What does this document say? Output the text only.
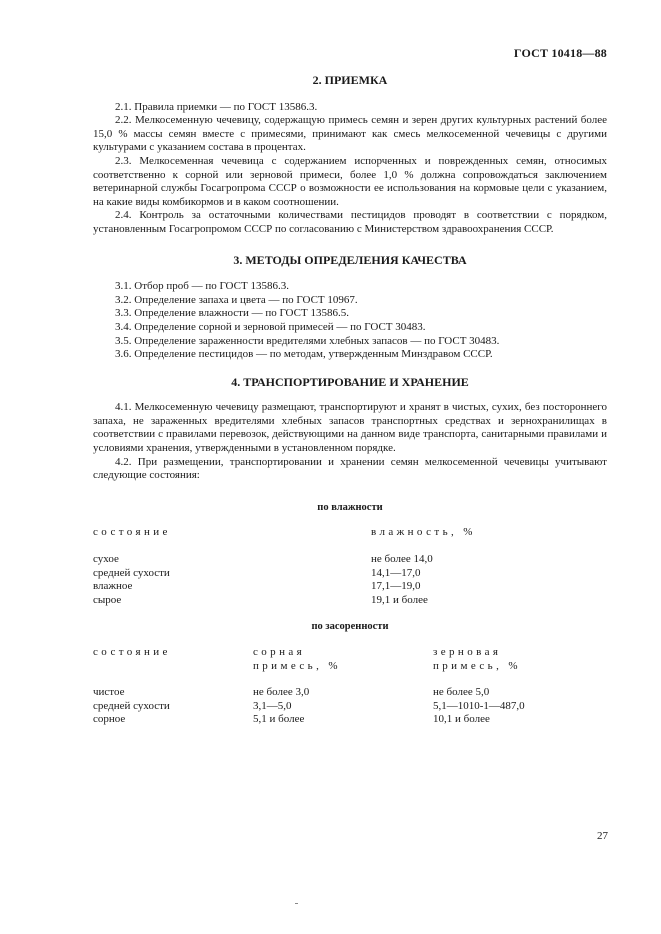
ГОСТ 10418—88
2. ПРИЕМКА

2.1. Правила приемки — по ГОСТ 13586.3.

2.2. Мелкосеменную чечевицу, содержащую примесь семян и зерен других культурных растений более 15,0 % массы семян вместе с примесями, принимают как смесь мелкосеменной чечевицы с другими культурами с указанием состава в процентах.

2.3. Мелкосеменная чечевица с содержанием испорченных и поврежденных семян, относимых соответственно к сорной или зерновой примеси, более 1,0 % должна сопровождаться заключением ветеринарной службы Госагропрома СССР о возможности ее использования на кормовые цели с указанием, на какие виды комбикормов и в каком соотношении.

2.4. Контроль за остаточными количествами пестицидов проводят в соответствии с порядком, установленным Госагропромом СССР по согласованию с Министерством здравоохранения СССР.

3. МЕТОДЫ ОПРЕДЕЛЕНИЯ КАЧЕСТВА
3.1. Отбор проб — по ГОСТ 13586.3.
3.2. Определение запаха и цвета — по ГОСТ 10967.
3.3. Определение влажности — по ГОСТ 13586.5.
3.4. Определение сорной и зерновой примесей — по ГОСТ 30483.
3.5. Определение зараженности вредителями хлебных запасов — по ГОСТ 30483.
3.6. Определение пестицидов — по методам, утвержденным Минздравом СССР.
4. ТРАНСПОРТИРОВАНИЕ И ХРАНЕНИЕ

4.1. Мелкосеменную чечевицу размещают, транспортируют и хранят в чистых, сухих, без постороннего запаха, не зараженных вредителями хлебных запасов транспортных средствах и зернохранилищах в соответствии с правилами перевозок, действующими на данном виде транспорта, санитарными правилами и условиями хранения, утвержденными в установленном порядке.

4.2. При размещении, транспортировании и хранении семян мелкосеменной чечевицы учитывают следующие состояния:

по влажности
состояние	влажность, %

сухое	не более 14,0
средней сухости	14,1—17,0
влажное	17,1—19,0
сырое	19,1 и более
по засоренности
состояние	сорная	зерновая
	примесь, %	примесь, %

чистое	не более 3,0	не более 5,0
средней сухости	3,1—5,0	5,1—1010-1—487,0
сорное	5,1 и более	10,1 и более
27
